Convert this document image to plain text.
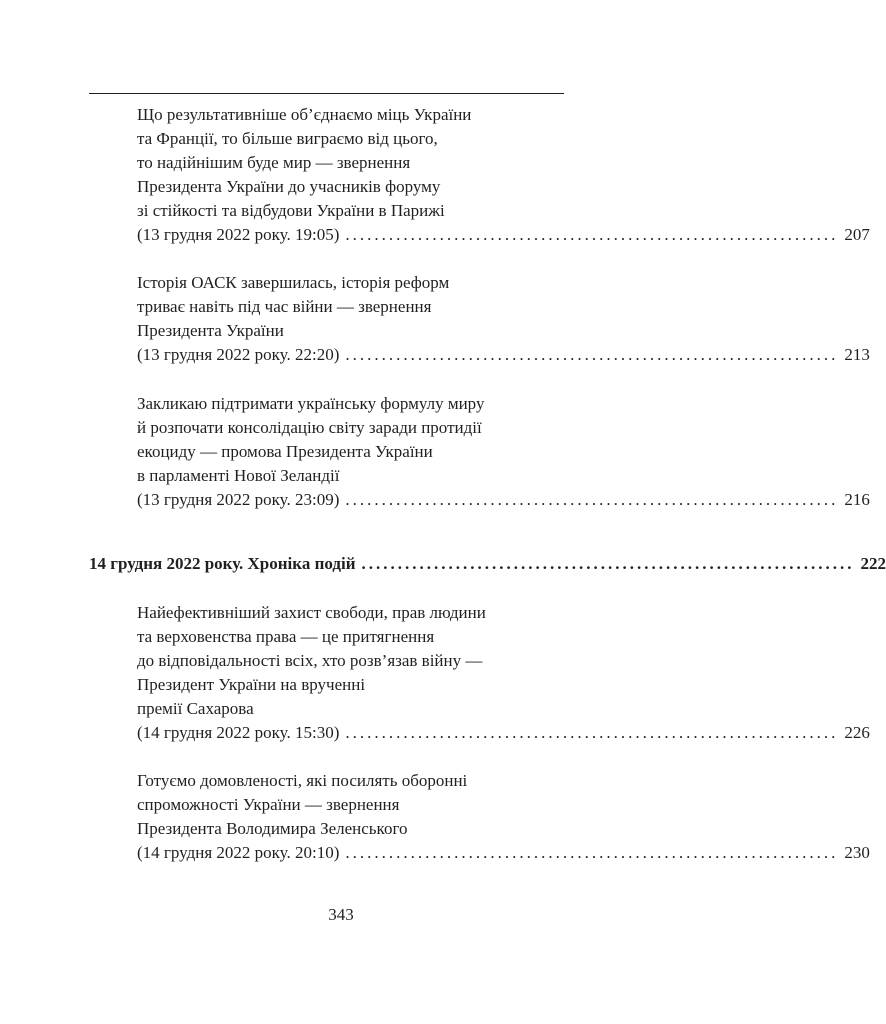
Що результативніше об’єднаємо міць України
та Франції, то більше виграємо від цього,
то надійнішим буде мир — звернення
Президента України до учасників форуму
зі стійкості та відбудови України в Парижі
(13 грудня 2022 року. 19:05) .................................................................... 207
Історія ОАСК завершилась, історія реформ
триває навіть під час війни — звернення
Президента України
(13 грудня 2022 року. 22:20) .................................................................... 213
Закликаю підтримати українську формулу миру
й розпочати консолідацію світу заради протидії
екоциду — промова Президента України
в парламенті Нової Зеландії
(13 грудня 2022 року. 23:09) .................................................................... 216
14 грудня 2022 року. Хроніка подій .................................................................... 222
Найефективніший захист свободи, прав людини
та верховенства права — це притягнення
до відповідальності всіх, хто розв’язав війну —
Президент України на врученні
премії Сахарова
(14 грудня 2022 року. 15:30) .................................................................... 226
Готуємо домовленості, які посилять оборонні
спроможності України — звернення
Президента Володимира Зеленського
(14 грудня 2022 року. 20:10) .................................................................... 230
343
